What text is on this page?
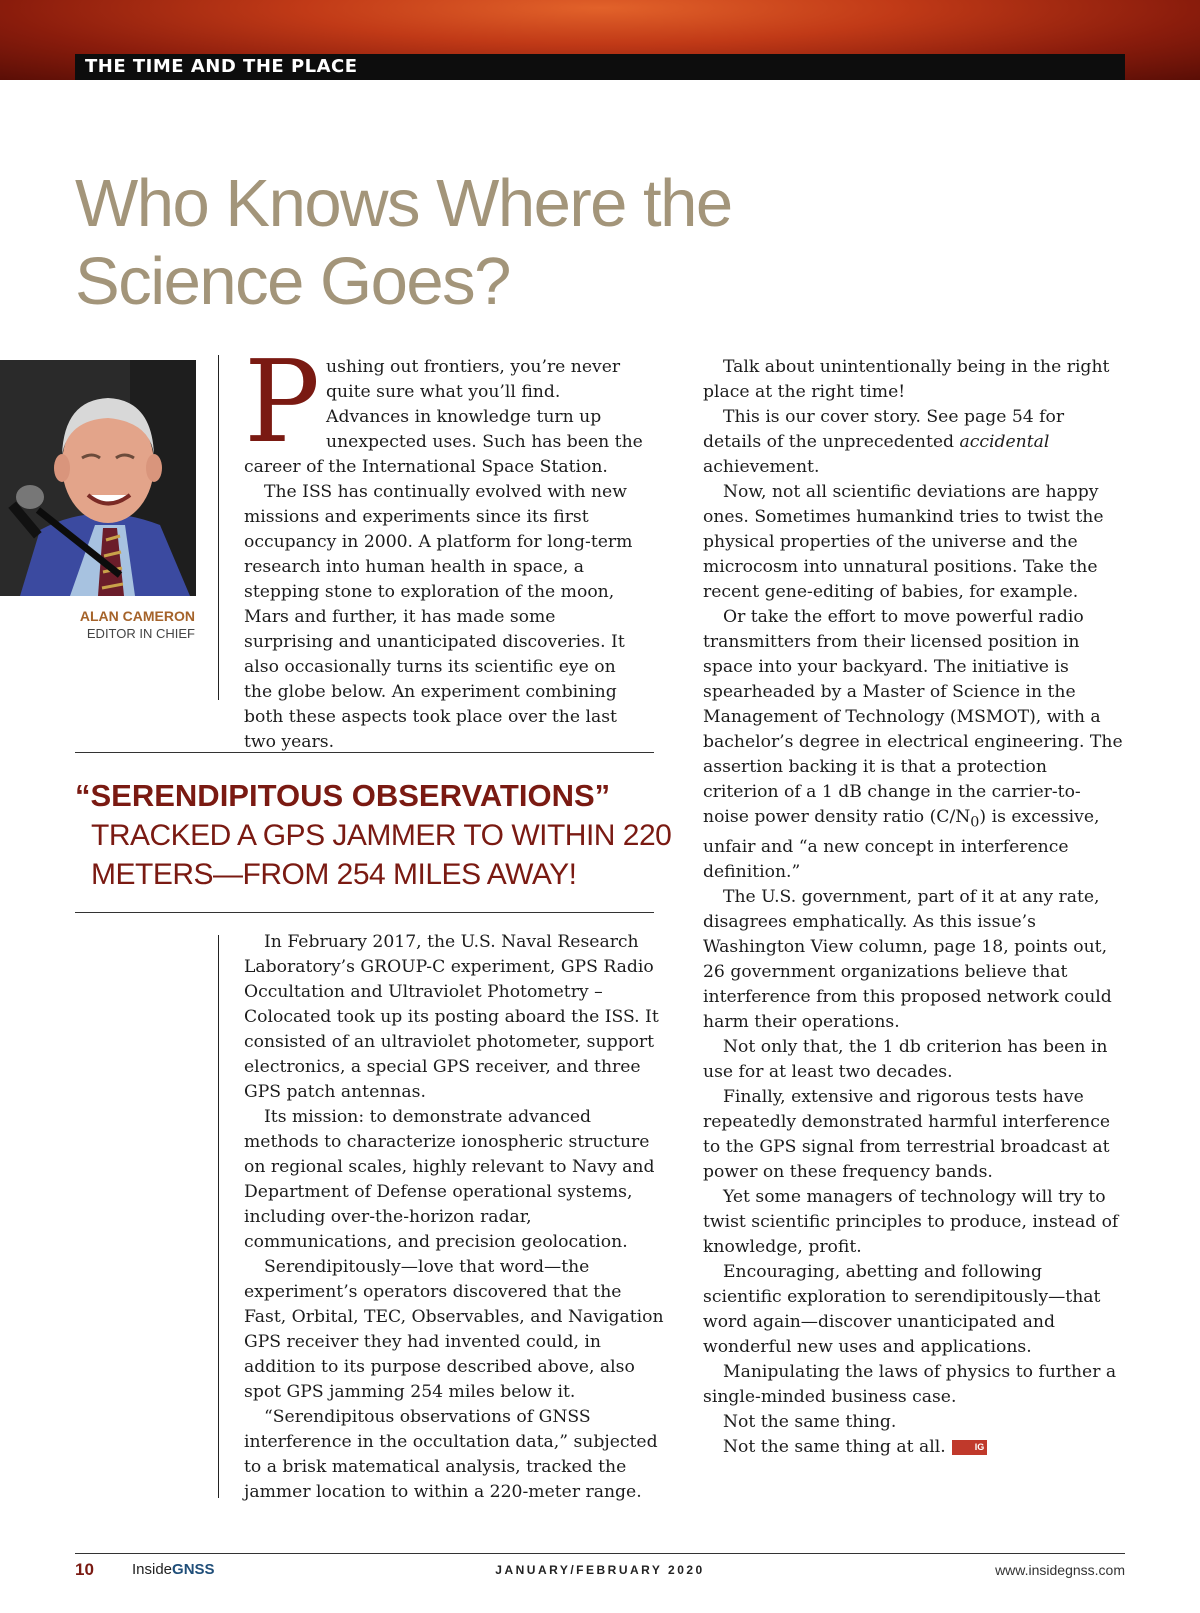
THE TIME AND THE PLACE
Who Knows Where the
Science Goes?
ALAN CAMERON
EDITOR IN CHIEF

Pushing out frontiers, you’re never quite sure what you’ll find. Advances in knowledge turn up unexpected uses. Such has been the career of the International Space Station.

The ISS has continually evolved with new missions and experiments since its first occupancy in 2000. A platform for long-term research into human health in space, a stepping stone to exploration of the moon, Mars and further, it has made some surprising and unanticipated discoveries. It also occasionally turns its scientific eye on the globe below. An experiment combining both these aspects took place over the last two years.

“SERENDIPITOUS OBSERVATIONS”

TRACKED A GPS JAMMER TO WITHIN 220 METERS—FROM 254 MILES AWAY!

In February 2017, the U.S. Naval Research Laboratory’s GROUP-C experiment, GPS Radio Occultation and Ultraviolet Photometry – Colocated took up its posting aboard the ISS. It consisted of an ultraviolet photometer, support electronics, a special GPS receiver, and three GPS patch antennas.

Its mission: to demonstrate advanced methods to characterize ionospheric structure on regional scales, highly relevant to Navy and Department of Defense operational systems, including over-the-horizon radar, communications, and precision geolocation.

Serendipitously—love that word—the experiment’s operators discovered that the Fast, Orbital, TEC, Observables, and Navigation GPS receiver they had invented could, in addition to its purpose described above, also spot GPS jamming 254 miles below it.

“Serendipitous observations of GNSS interference in the occultation data,” subjected to a brisk matematical analysis, tracked the jammer location to within a 220-meter range.

Talk about unintentionally being in the right place at the right time!

This is our cover story. See page 54 for details of the unprecedented accidental achievement.

Now, not all scientific deviations are happy ones. Sometimes humankind tries to twist the physical properties of the universe and the microcosm into unnatural positions. Take the recent gene-editing of babies, for example.

Or take the effort to move powerful radio transmitters from their licensed position in space into your backyard. The initiative is spearheaded by a Master of Science in the Management of Technology (MSMOT), with a bachelor’s degree in electrical engineering. The assertion backing it is that a protection criterion of a 1 dB change in the carrier-to-noise power density ratio $(C/N_0)$ is excessive, unfair and “a new concept in interference definition.”

The U.S. government, part of it at any rate, disagrees emphatically. As this issue’s Washington View column, page 18, points out, 26 government organizations believe that interference from this proposed network could harm their operations.

Not only that, the 1 db criterion has been in use for at least two decades.

Finally, extensive and rigorous tests have repeatedly demonstrated harmful interference to the GPS signal from terrestrial broadcast at power on these frequency bands.

Yet some managers of technology will try to twist scientific principles to produce, instead of knowledge, profit.

Encouraging, abetting and following scientific exploration to serendipitously—that word again—discover unanticipated and wonderful new uses and applications.

Manipulating the laws of physics to further a single-minded business case.

Not the same thing.

Not the same thing at all.	IG

10	InsideGNSS	JANUARY/FEBRUARY 2020	www.insidegnss.com
